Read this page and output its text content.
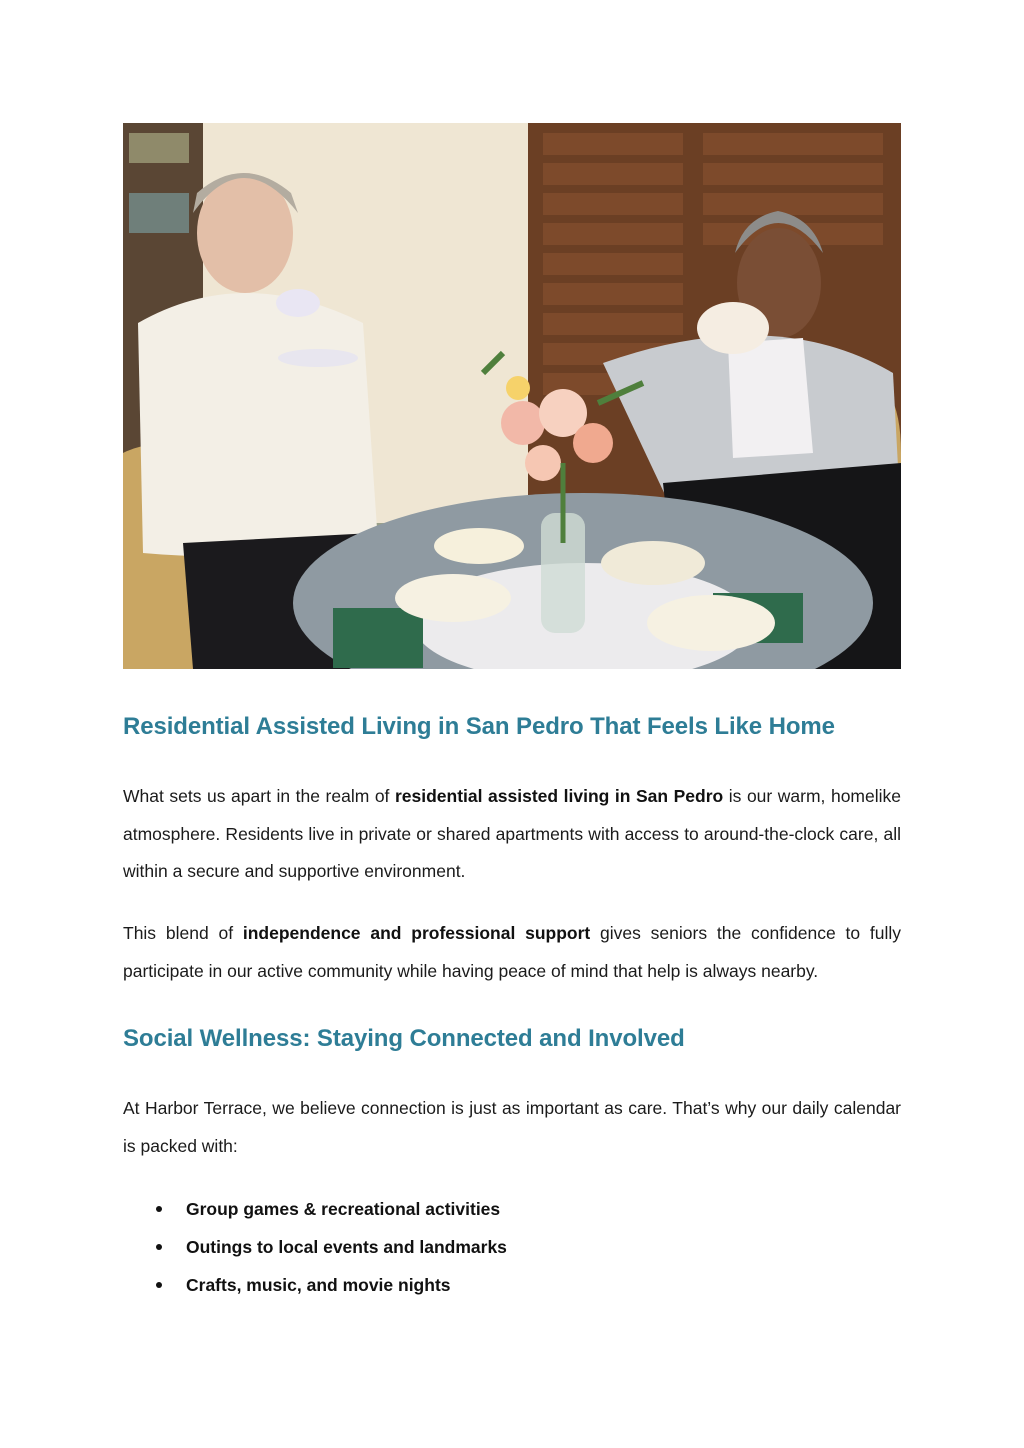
Residential Assisted Living in San Pedro That Feels Like Home

What sets us apart in the realm of residential assisted living in San Pedro is our warm, homelike atmosphere. Residents live in private or shared apartments with access to around-the-clock care, all within a secure and supportive environment.

This blend of independence and professional support gives seniors the confidence to fully participate in our active community while having peace of mind that help is always nearby.

Social Wellness: Staying Connected and Involved

At Harbor Terrace, we believe connection is just as important as care. That’s why our daily calendar is packed with:

Group games & recreational activities
Outings to local events and landmarks
Crafts, music, and movie nights
